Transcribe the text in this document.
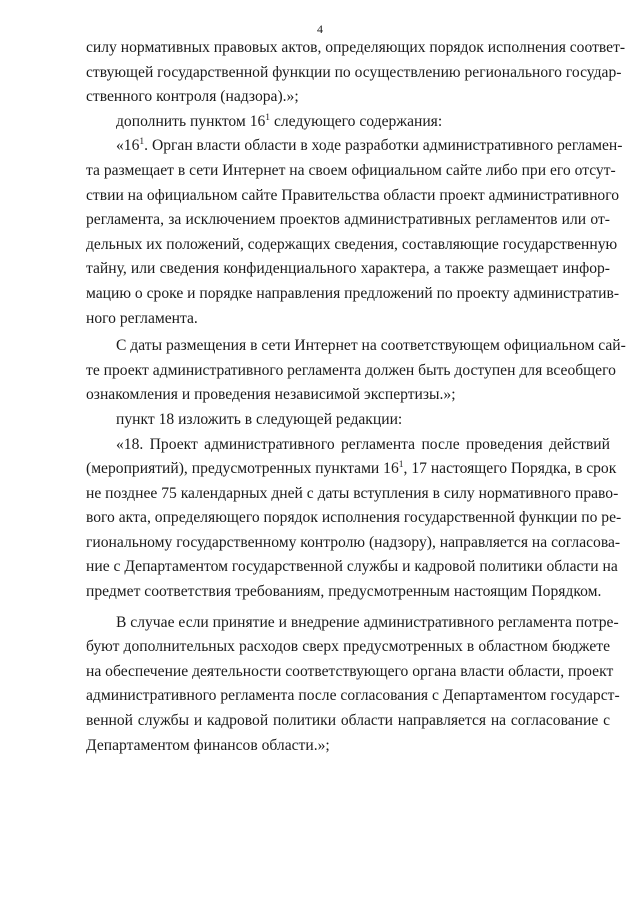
4
силу нормативных правовых актов, определяющих порядок исполнения соответ-
ствующей государственной функции по осуществлению регионального государ-
ственного контроля (надзора).»;
дополнить пунктом $16^1$ следующего содержания:
«$16^1$. Орган власти области в ходе разработки административного регламен-
та размещает в сети Интернет на своем официальном сайте либо при его отсут-
ствии на официальном сайте Правительства области проект административного
регламента, за исключением проектов административных регламентов или от-
дельных их положений, содержащих сведения, составляющие государственную
тайну, или сведения конфиденциального характера, а также размещает инфор-
мацию о сроке и порядке направления предложений по проекту административ-
ного регламента.
С даты размещения в сети Интернет на соответствующем официальном сай-
те проект административного регламента должен быть доступен для всеобщего
ознакомления и проведения независимой экспертизы.»;
пункт 18 изложить в следующей редакции:
«18. Проект административного регламента после проведения действий
(мероприятий), предусмотренных пунктами $16^1$, 17 настоящего Порядка, в срок
не позднее 75 календарных дней с даты вступления в силу нормативного право-
вого акта, определяющего порядок исполнения государственной функции по ре-
гиональному государственному контролю (надзору), направляется на согласова-
ние с Департаментом государственной службы и кадровой политики области на
предмет соответствия требованиям, предусмотренным настоящим Порядком.
В случае если принятие и внедрение административного регламента потре-
буют дополнительных расходов сверх предусмотренных в областном бюджете
на обеспечение деятельности соответствующего органа власти области, проект
административного регламента после согласования с Департаментом государст-
венной службы и кадровой политики области направляется на согласование с
Департаментом финансов области.»;
